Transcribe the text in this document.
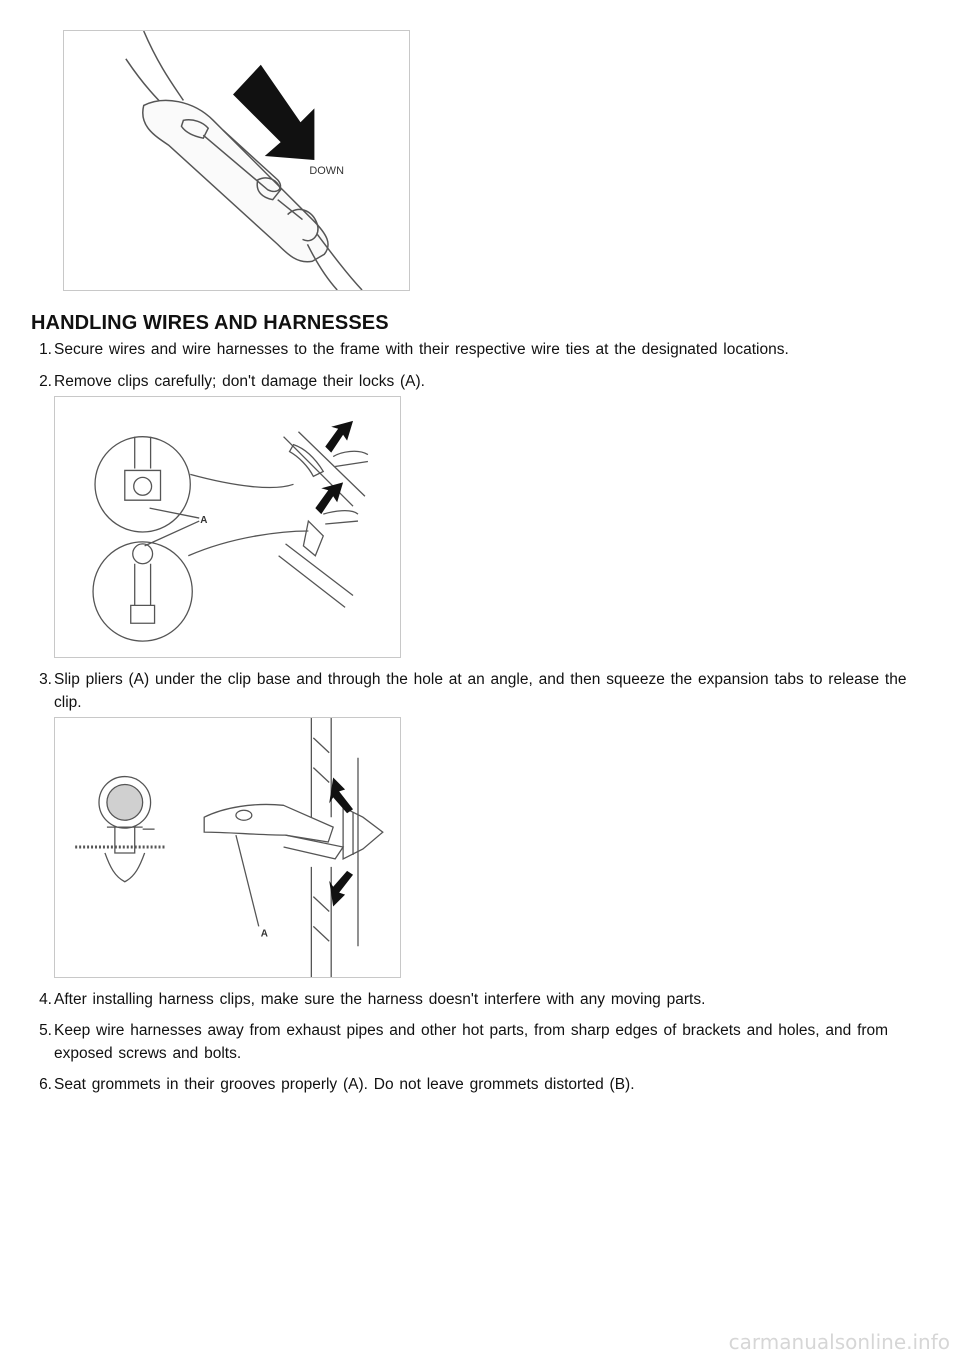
DOWN
HANDLING WIRES AND HARNESSES
1. Secure wires and wire harnesses to the frame with their respective wire ties at the designated locations.
2. Remove clips carefully; don't damage their locks (A).
A
3. Slip pliers (A) under the clip base and through the hole at an angle, and then squeeze the expansion tabs to release the clip.
A
4. After installing harness clips, make sure the harness doesn't interfere with any moving parts.
5. Keep wire harnesses away from exhaust pipes and other hot parts, from sharp edges of brackets and holes, and from exposed screws and bolts.
6. Seat grommets in their grooves properly (A). Do not leave grommets distorted (B).
carmanualsonline.info
